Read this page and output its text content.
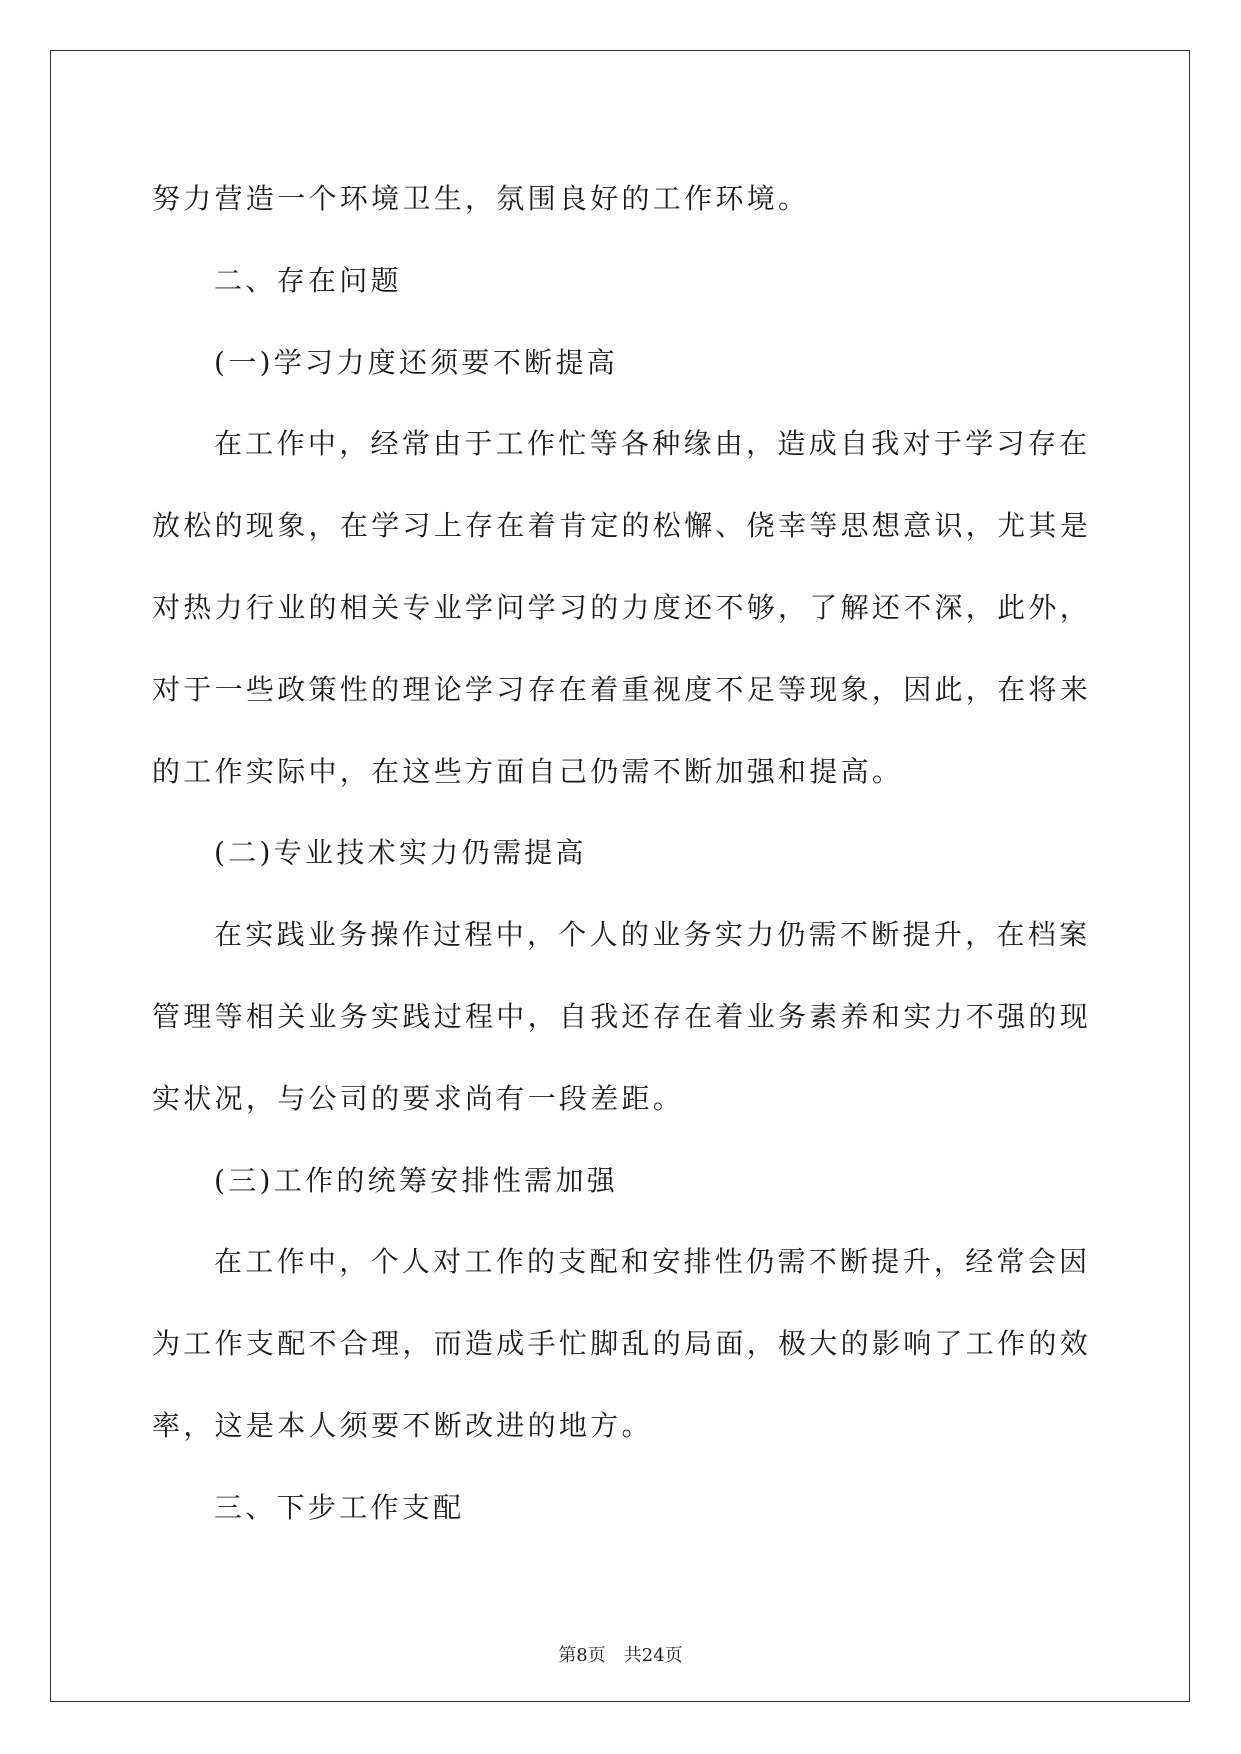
努力营造一个环境卫生，氛围良好的工作环境。
二、存在问题
(一)学习力度还须要不断提高
在工作中，经常由于工作忙等各种缘由，造成自我对于学习存在
放松的现象，在学习上存在着肯定的松懈、侥幸等思想意识，尤其是
对热力行业的相关专业学问学习的力度还不够，了解还不深，此外，
对于一些政策性的理论学习存在着重视度不足等现象，因此，在将来
的工作实际中，在这些方面自己仍需不断加强和提高。
(二)专业技术实力仍需提高
在实践业务操作过程中，个人的业务实力仍需不断提升，在档案
管理等相关业务实践过程中，自我还存在着业务素养和实力不强的现
实状况，与公司的要求尚有一段差距。
(三)工作的统筹安排性需加强
在工作中，个人对工作的支配和安排性仍需不断提升，经常会因
为工作支配不合理，而造成手忙脚乱的局面，极大的影响了工作的效
率，这是本人须要不断改进的地方。
三、下步工作支配
第8页 共24页
